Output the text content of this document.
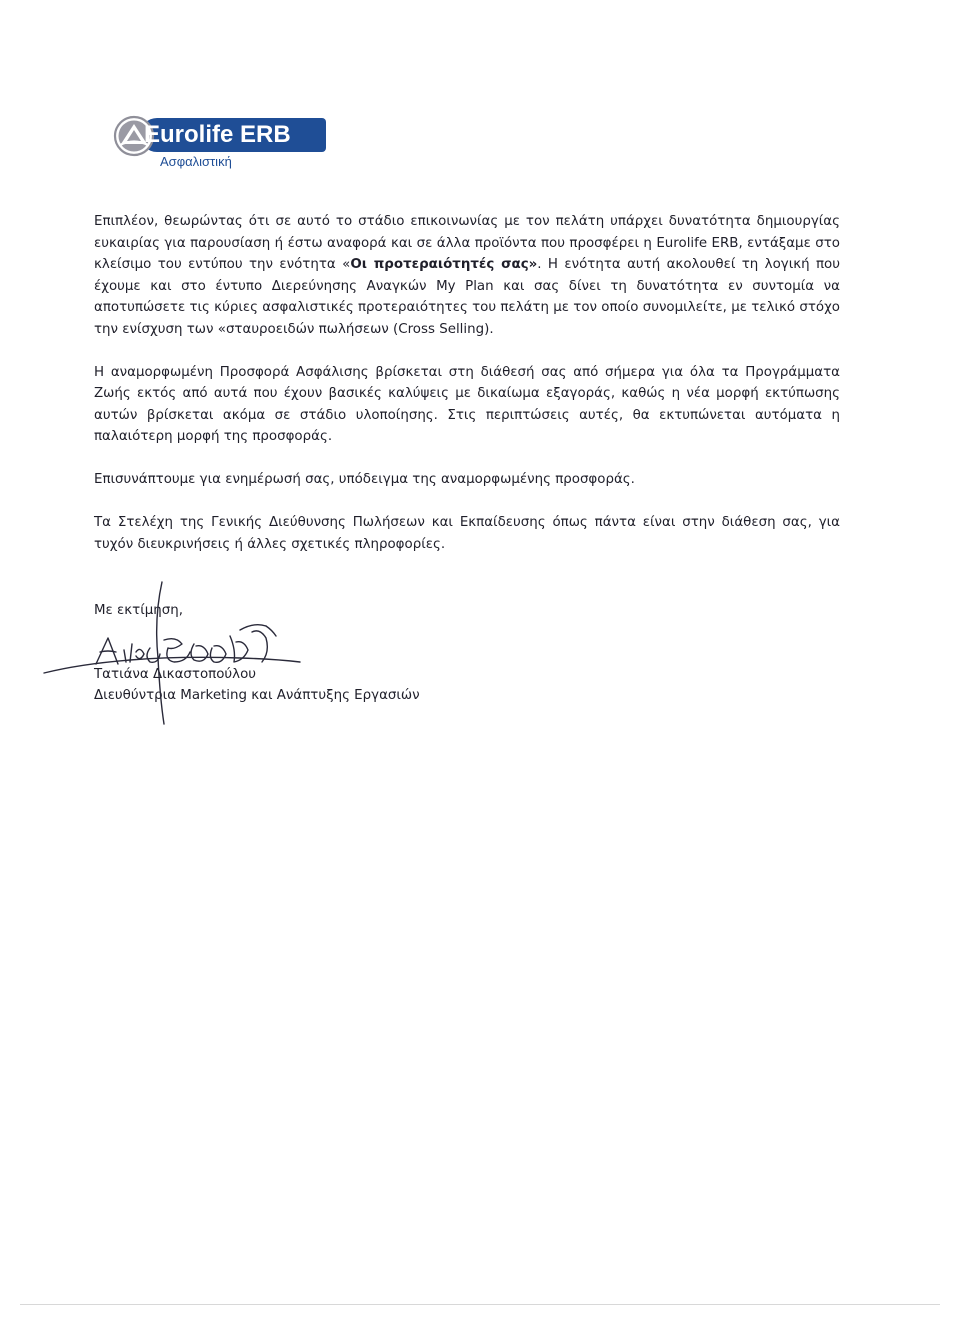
Eurolife ERB
Ασφαλιστική

Επιπλέον, θεωρώντας ότι σε αυτό το στάδιο επικοινωνίας με τον πελάτη υπάρχει δυνατότητα δημιουργίας ευκαιρίας για παρουσίαση ή έστω αναφορά και σε άλλα προϊόντα που προσφέρει η Eurolife ERB, εντάξαμε στο κλείσιμο του εντύπου την ενότητα «Οι προτεραιότητές σας». Η ενότητα αυτή ακολουθεί τη λογική που έχουμε και στο έντυπο Διερεύνησης Αναγκών My Plan και σας δίνει τη δυνατότητα εν συντομία να αποτυπώσετε τις κύριες ασφαλιστικές προτεραιότητες του πελάτη με τον οποίο συνομιλείτε, με τελικό στόχο την ενίσχυση των «σταυροειδών πωλήσεων (Cross Selling).

Η αναμορφωμένη Προσφορά Ασφάλισης βρίσκεται στη διάθεσή σας από σήμερα για όλα τα Προγράμματα Ζωής εκτός από αυτά που έχουν βασικές καλύψεις με δικαίωμα εξαγοράς, καθώς η νέα μορφή εκτύπωσης αυτών βρίσκεται ακόμα σε στάδιο υλοποίησης. Στις περιπτώσεις αυτές, θα εκτυπώνεται αυτόματα η παλαιότερη μορφή της προσφοράς.

Επισυνάπτουμε για ενημέρωσή σας, υπόδειγμα της αναμορφωμένης προσφοράς.

Τα Στελέχη της Γενικής Διεύθυνσης Πωλήσεων και Εκπαίδευσης όπως πάντα είναι στην διάθεση σας, για τυχόν διευκρινήσεις ή άλλες σχετικές πληροφορίες.

Με εκτίμηση,
Τατιάνα Δικαστοπούλου
Διευθύντρια Marketing και Ανάπτυξης Εργασιών
